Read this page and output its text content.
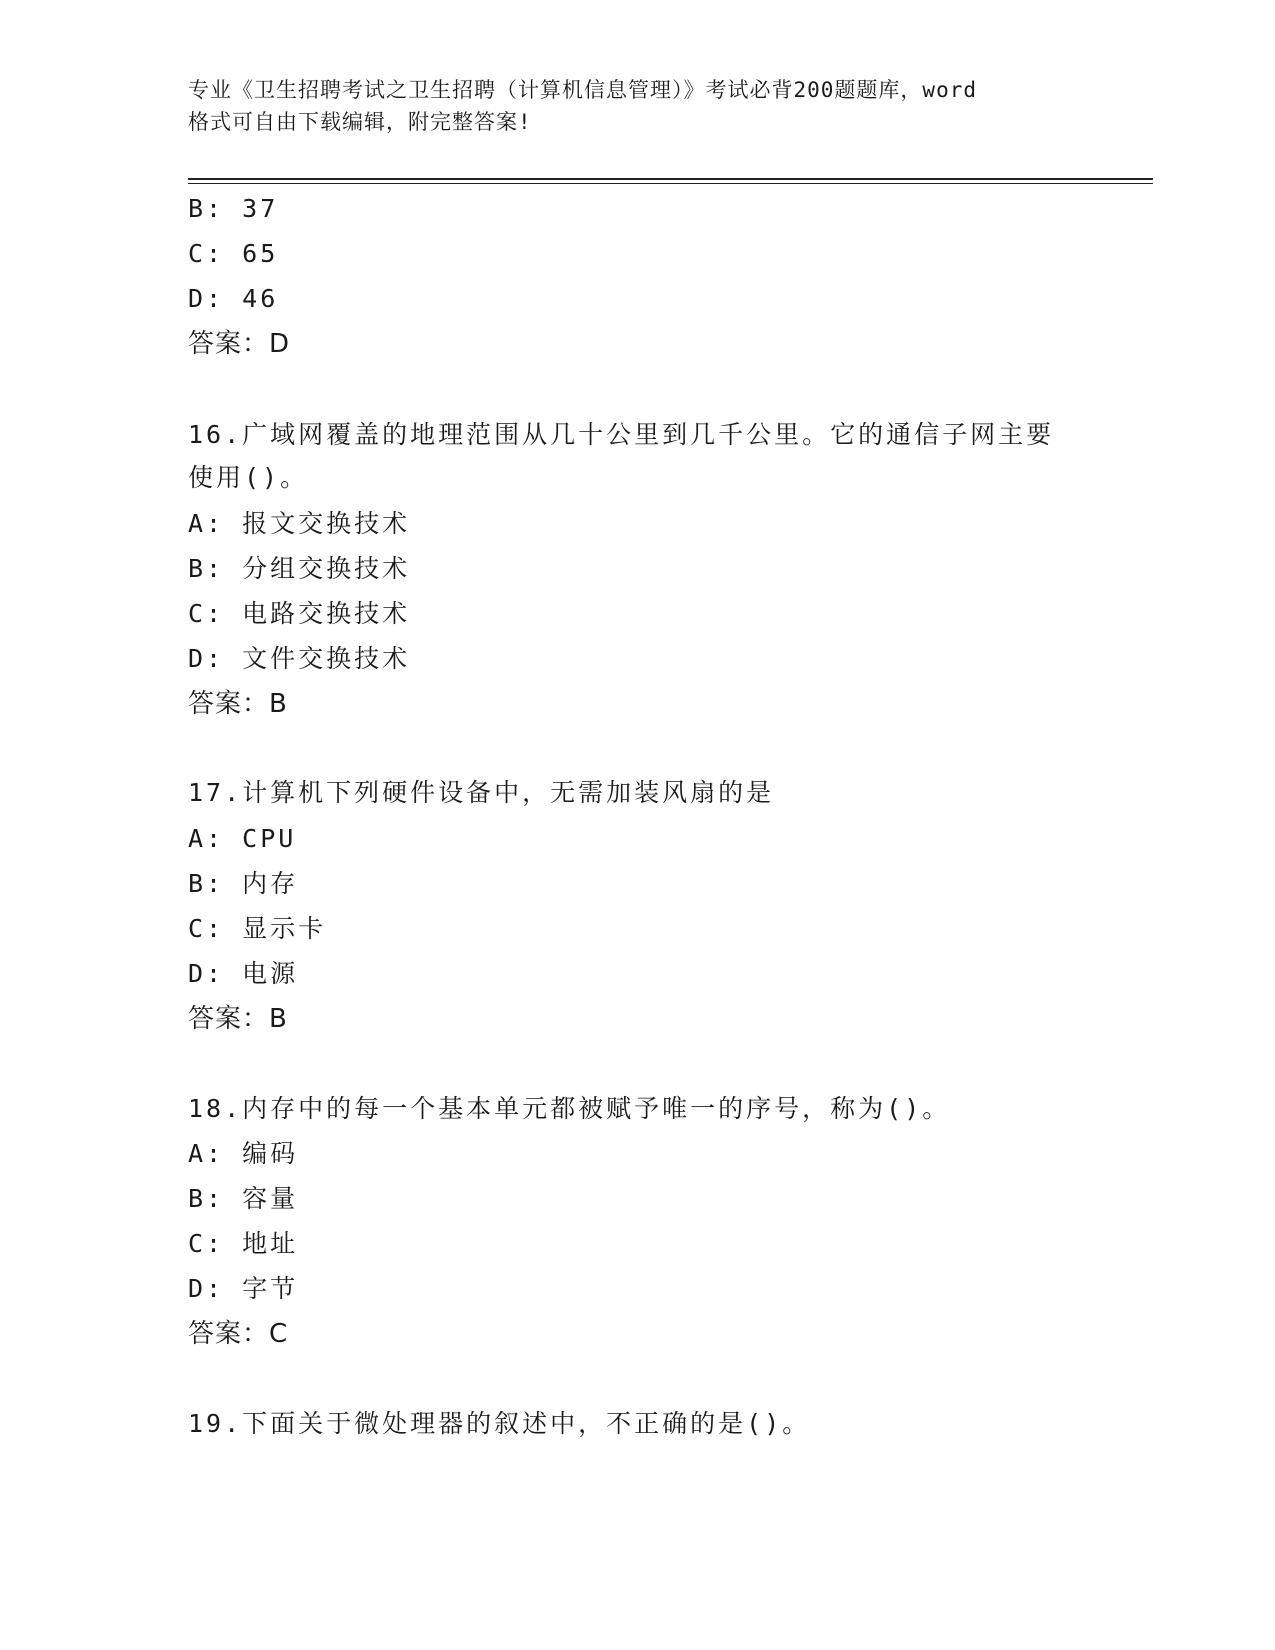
专业《卫生招聘考试之卫生招聘（计算机信息管理）》考试必背200题题库，word
格式可自由下载编辑，附完整答案!
B: 37
C: 65
D: 46
答案：D
16.广域网覆盖的地理范围从几十公里到几千公里。它的通信子网主要
使用()。
A: 报文交换技术
B: 分组交换技术
C: 电路交换技术
D: 文件交换技术
答案：B
17.计算机下列硬件设备中，无需加装风扇的是
A: CPU
B: 内存
C: 显示卡
D: 电源
答案：B
18.内存中的每一个基本单元都被赋予唯一的序号，称为()。
A: 编码
B: 容量
C: 地址
D: 字节
答案：C
19.下面关于微处理器的叙述中，不正确的是()。
